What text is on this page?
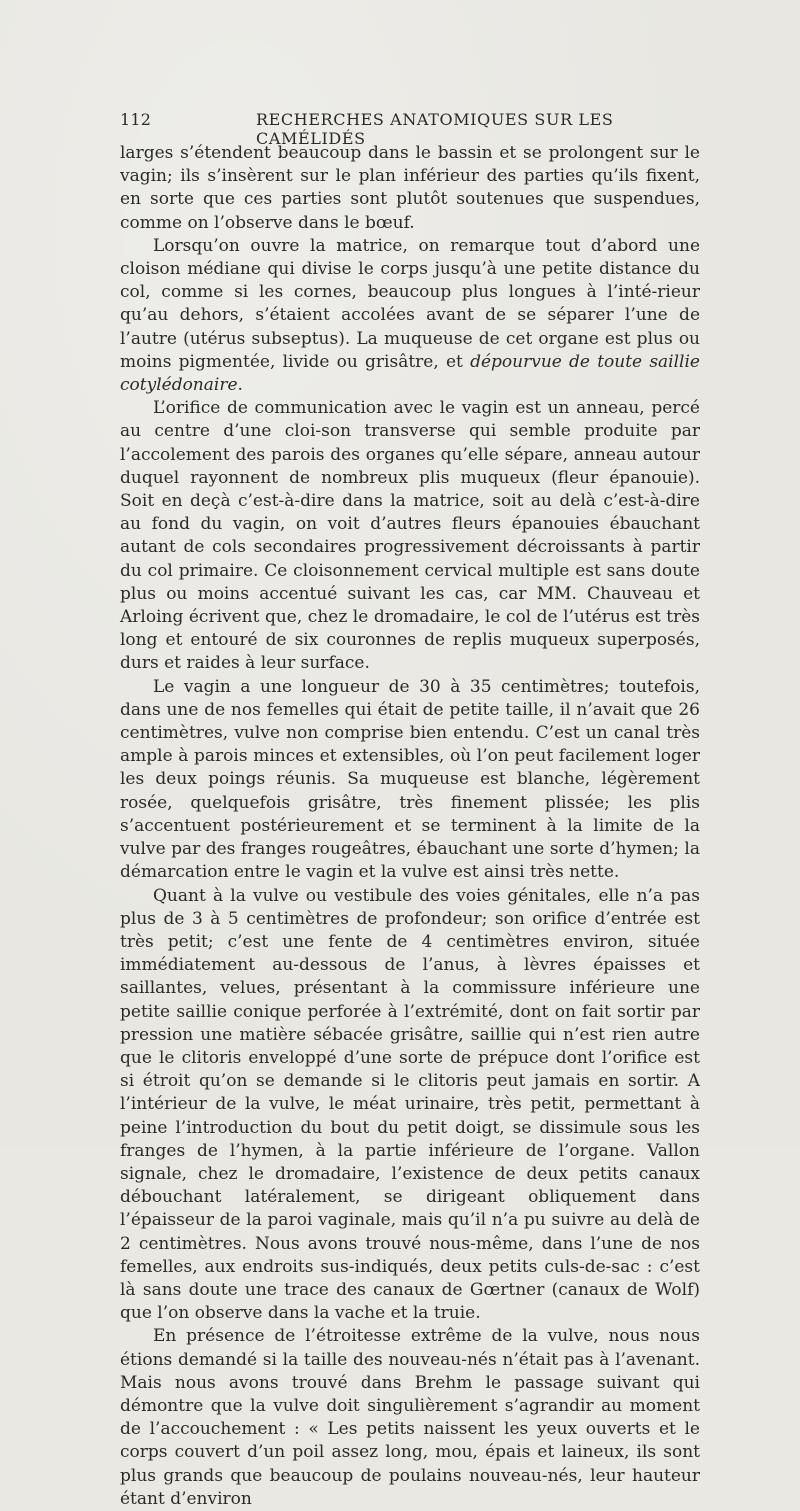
112	RECHERCHES ANATOMIQUES SUR LES CAMÉLIDÉS

larges s’étendent beaucoup dans le bassin et se prolongent sur le vagin; ils s’insèrent sur le plan inférieur des parties qu’ils fixent, en sorte que ces parties sont plutôt soutenues que suspendues, comme on l’observe dans le bœuf.

Lorsqu’on ouvre la matrice, on remarque tout d’abord une cloison médiane qui divise le corps jusqu’à une petite distance du col, comme si les cornes, beaucoup plus longues à l’inté-rieur qu’au dehors, s’étaient accolées avant de se séparer l’une de l’autre (utérus subseptus). La muqueuse de cet organe est plus ou moins pigmentée, livide ou grisâtre, et dépourvue de toute saillie cotylédonaire.

L’orifice de communication avec le vagin est un anneau, percé au centre d’une cloi-son transverse qui semble produite par l’accolement des parois des organes qu’elle sépare, anneau autour duquel rayonnent de nombreux plis muqueux (fleur épanouie). Soit en deçà c’est-à-dire dans la matrice, soit au delà c’est-à-dire au fond du vagin, on voit d’autres fleurs épanouies ébauchant autant de cols secondaires progressivement décroissants à partir du col primaire. Ce cloisonnement cervical multiple est sans doute plus ou moins accentué suivant les cas, car MM. Chauveau et Arloing écrivent que, chez le dromadaire, le col de l’utérus est très long et entouré de six couronnes de replis muqueux superposés, durs et raides à leur surface.

Le vagin a une longueur de 30 à 35 centimètres; toutefois, dans une de nos femelles qui était de petite taille, il n’avait que 26 centimètres, vulve non comprise bien entendu. C’est un canal très ample à parois minces et extensibles, où l’on peut facilement loger les deux poings réunis. Sa muqueuse est blanche, légèrement rosée, quelquefois grisâtre, très finement plissée; les plis s’accentuent postérieurement et se terminent à la limite de la vulve par des franges rougeâtres, ébauchant une sorte d’hymen; la démarcation entre le vagin et la vulve est ainsi très nette.

Quant à la vulve ou vestibule des voies génitales, elle n’a pas plus de 3 à 5 centimètres de profondeur; son orifice d’entrée est très petit; c’est une fente de 4 centimètres environ, située immédiatement au-dessous de l’anus, à lèvres épaisses et saillantes, velues, présentant à la commissure inférieure une petite saillie conique perforée à l’extrémité, dont on fait sortir par pression une matière sébacée grisâtre, saillie qui n’est rien autre que le clitoris enveloppé d’une sorte de prépuce dont l’orifice est si étroit qu’on se demande si le clitoris peut jamais en sortir. A l’intérieur de la vulve, le méat urinaire, très petit, permettant à peine l’introduction du bout du petit doigt, se dissimule sous les franges de l’hymen, à la partie inférieure de l’organe. Vallon signale, chez le dromadaire, l’existence de deux petits canaux débouchant latéralement, se dirigeant obliquement dans l’épaisseur de la paroi vaginale, mais qu’il n’a pu suivre au delà de 2 centimètres. Nous avons trouvé nous-même, dans l’une de nos femelles, aux endroits sus-indiqués, deux petits culs-de-sac : c’est là sans doute une trace des canaux de Gœrtner (canaux de Wolf) que l’on observe dans la vache et la truie.

En présence de l’étroitesse extrême de la vulve, nous nous étions demandé si la taille des nouveau-nés n’était pas à l’avenant. Mais nous avons trouvé dans Brehm le passage suivant qui démontre que la vulve doit singulièrement s’agrandir au moment de l’accouchement : « Les petits naissent les yeux ouverts et le corps couvert d’un poil assez long, mou, épais et laineux, ils sont plus grands que beaucoup de poulains nouveau-nés, leur hauteur étant d’environ
